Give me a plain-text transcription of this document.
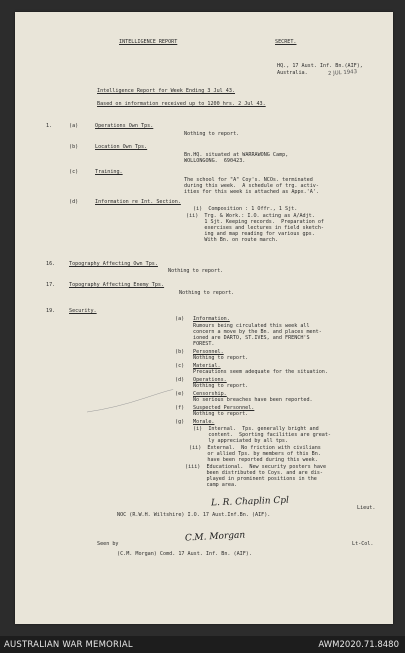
INTELLIGENCE REPORT	SECRET.
HQ., 17 Aust. Inf. Bn.(AIF),
Australia.	2 JUL 1943
Intelligence Report for Week Ending 3 Jul 43.
Based on information received up to 1200 hrs. 2 Jul 43.
1.	(a)	Operations Own Tps.
Nothing to report.
(b)	Location Own Tps.
Bn.HQ. situated at WARRAWONG Camp,
WOLLONGONG.  690423.
(c)	Training.
The school for "A" Coy's. NCOs. terminated
during this week.  A schedule of trg. activ-
ities for this week is attached as Appx.'A'.
(d)	Information re Int. Section.
(i)  Composition : 1 Offr., 1 Sjt.
(ii)  Trg. & Work.: I.O. acting as A/Adjt.
1 Sjt. Keeping records.  Preparation of
exercises and lectures in field sketch-
ing and map reading for various gps.
With Bn. on route march.
16.	Topography Affecting Own Tps.
Nothing to report.
17.	Topography Affecting Enemy Tps.
Nothing to report.
19.	Security.
(a) Information.
Rumours being circulated this week all
concern a move by the Bn. and places ment-
ioned are DARTO, ST.IVES, and FRENCH'S
FOREST.
(b) Personnel.
Nothing to report.
(c) Material.
Precautions seem adequate for the situation.
(d) Operations.
Nothing to report.
(e) Censorship.
No serious breaches have been reported.
(f) Suspected Personnel.
Nothing to report.
(g) Morale.
(i)  Internal.  Tps. generally bright and
content.  Sporting facilities are great-
ly appreciated by all tps.
(ii)  External.  No friction with civilians
or allied Tps. by members of this Bn.
have been reported during this week.
(iii)  Educational.  New security posters have
been distributed to Coys. and are dis-
played in prominent positions in the
camp area.
L. R. Chaplin Cpl	Lieut.
NOC (R.W.H. Wiltshire) I.O. 17 Aust.Inf.Bn. (AIF).
Seen by
C.M. Morgan
Lt-Col.
(C.M. Morgan) Comd. 17 Aust. Inf. Bn. (AIF).
AUSTRALIAN WAR MEMORIAL	AWM2020.71.8480
